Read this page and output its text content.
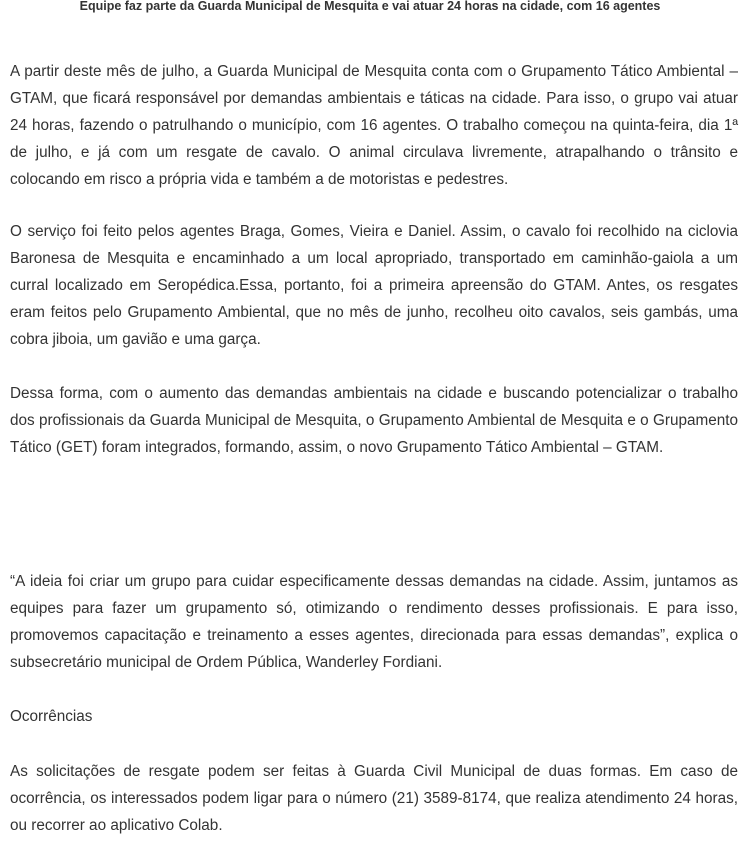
Equipe faz parte da Guarda Municipal de Mesquita e vai atuar 24 horas na cidade, com 16 agentes

A partir deste mês de julho, a Guarda Municipal de Mesquita conta com o Grupamento Tático Ambiental – GTAM, que ficará responsável por demandas ambientais e táticas na cidade. Para isso, o grupo vai atuar 24 horas, fazendo o patrulhando o município, com 16 agentes. O trabalho começou na quinta-feira, dia 1ª de julho, e já com um resgate de cavalo. O animal circulava livremente, atrapalhando o trânsito e colocando em risco a própria vida e também a de motoristas e pedestres.

O serviço foi feito pelos agentes Braga, Gomes, Vieira e Daniel. Assim, o cavalo foi recolhido na ciclovia Baronesa de Mesquita e encaminhado a um local apropriado, transportado em caminhão-gaiola a um curral localizado em Seropédica.Essa, portanto, foi a primeira apreensão do GTAM. Antes, os resgates eram feitos pelo Grupamento Ambiental, que no mês de junho, recolheu oito cavalos, seis gambás, uma cobra jiboia, um gavião e uma garça.

Dessa forma, com o aumento das demandas ambientais na cidade e buscando potencializar o trabalho dos profissionais da Guarda Municipal de Mesquita, o Grupamento Ambiental de Mesquita e o Grupamento Tático (GET) foram integrados, formando, assim, o novo Grupamento Tático Ambiental – GTAM.

“A ideia foi criar um grupo para cuidar especificamente dessas demandas na cidade. Assim, juntamos as equipes para fazer um grupamento só, otimizando o rendimento desses profissionais. E para isso, promovemos capacitação e treinamento a esses agentes, direcionada para essas demandas”, explica o subsecretário municipal de Ordem Pública, Wanderley Fordiani.

Ocorrências

As solicitações de resgate podem ser feitas à Guarda Civil Municipal de duas formas. Em caso de ocorrência, os interessados podem ligar para o número (21) 3589-8174, que realiza atendimento 24 horas, ou recorrer ao aplicativo Colab.
